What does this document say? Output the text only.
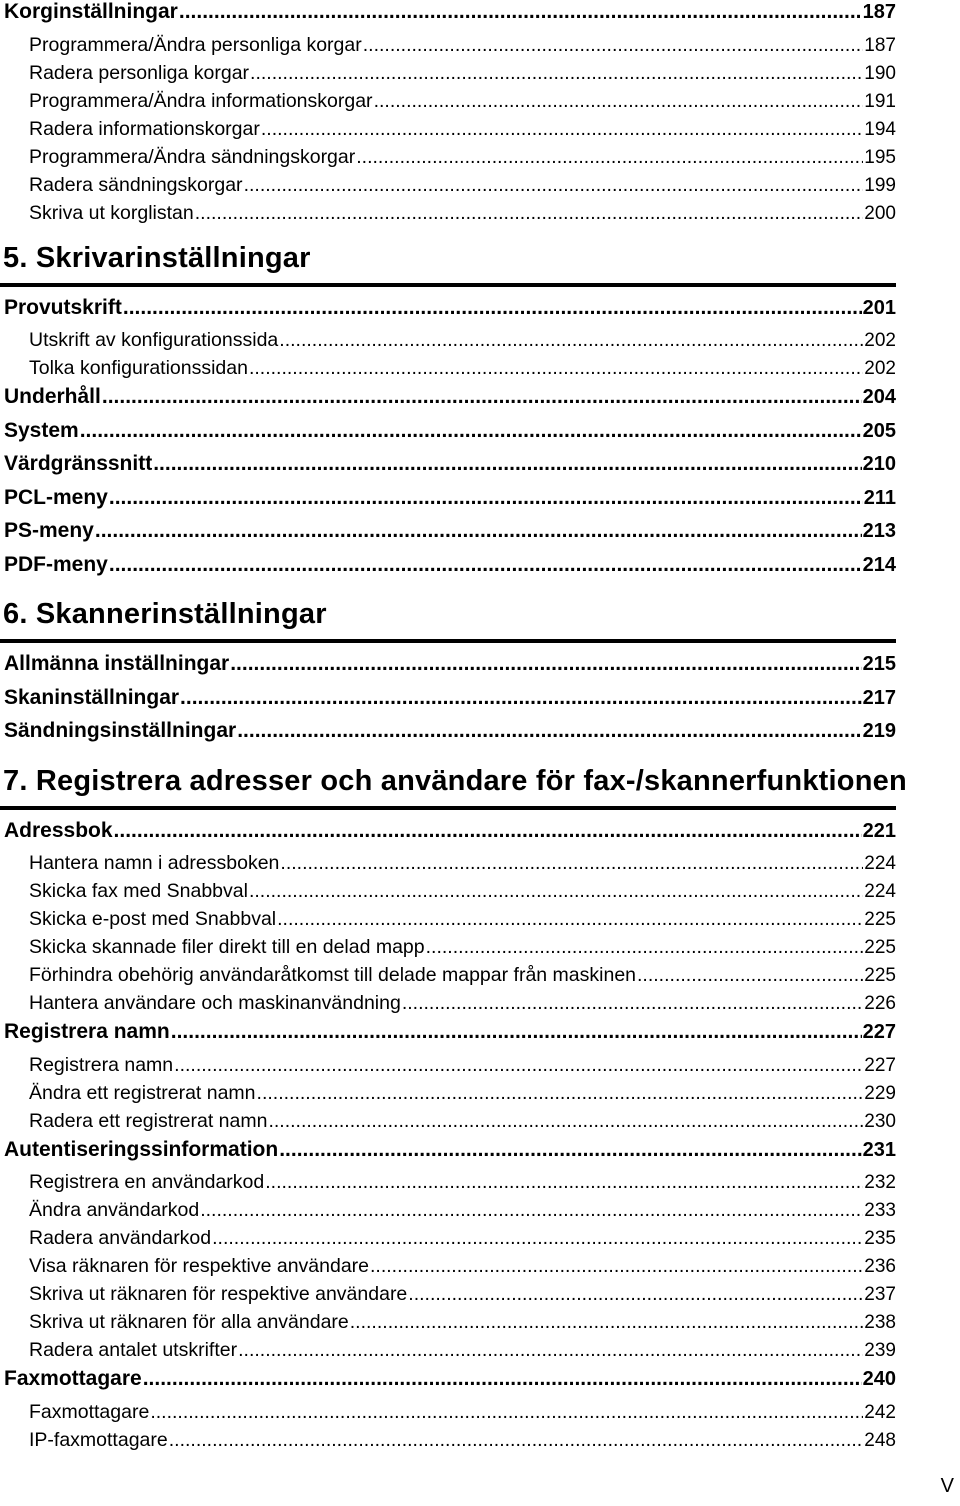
Korginställningar .....	187
Programmera/Ändra personliga korgar .....	187
Radera personliga korgar .....	190
Programmera/Ändra informationskorgar .....	191
Radera informationskorgar .....	194
Programmera/Ändra sändningskorgar .....	195
Radera sändningskorgar .....	199
Skriva ut korglistan .....	200
5. Skrivarinställningar
Provutskrift .....	201
Utskrift av konfigurationssida .....	202
Tolka konfigurationssidan .....	202
Underhåll .....	204
System .....	205
Värdgränssnitt .....	210
PCL-meny .....	211
PS-meny .....	213
PDF-meny .....	214
6. Skannerinställningar
Allmänna inställningar .....	215
Skaninställningar .....	217
Sändningsinställningar .....	219
7. Registrera adresser och användare för fax-/skannerfunktionen
Adressbok .....	221
Hantera namn i adressboken .....	224
Skicka fax med Snabbval .....	224
Skicka e-post med Snabbval .....	225
Skicka skannade filer direkt till en delad mapp .....	225
Förhindra obehörig användaråtkomst till delade mappar från maskinen .....	225
Hantera användare och maskinanvändning .....	226
Registrera namn .....	227
Registrera namn .....	227
Ändra ett registrerat namn .....	229
Radera ett registrerat namn .....	230
Autentiseringssinformation .....	231
Registrera en användarkod .....	232
Ändra användarkod .....	233
Radera användarkod .....	235
Visa räknaren för respektive användare .....	236
Skriva ut räknaren för respektive användare .....	237
Skriva ut räknaren för alla användare .....	238
Radera antalet utskrifter .....	239
Faxmottagare .....	240
Faxmottagare .....	242
IP-faxmottagare .....	248
V
